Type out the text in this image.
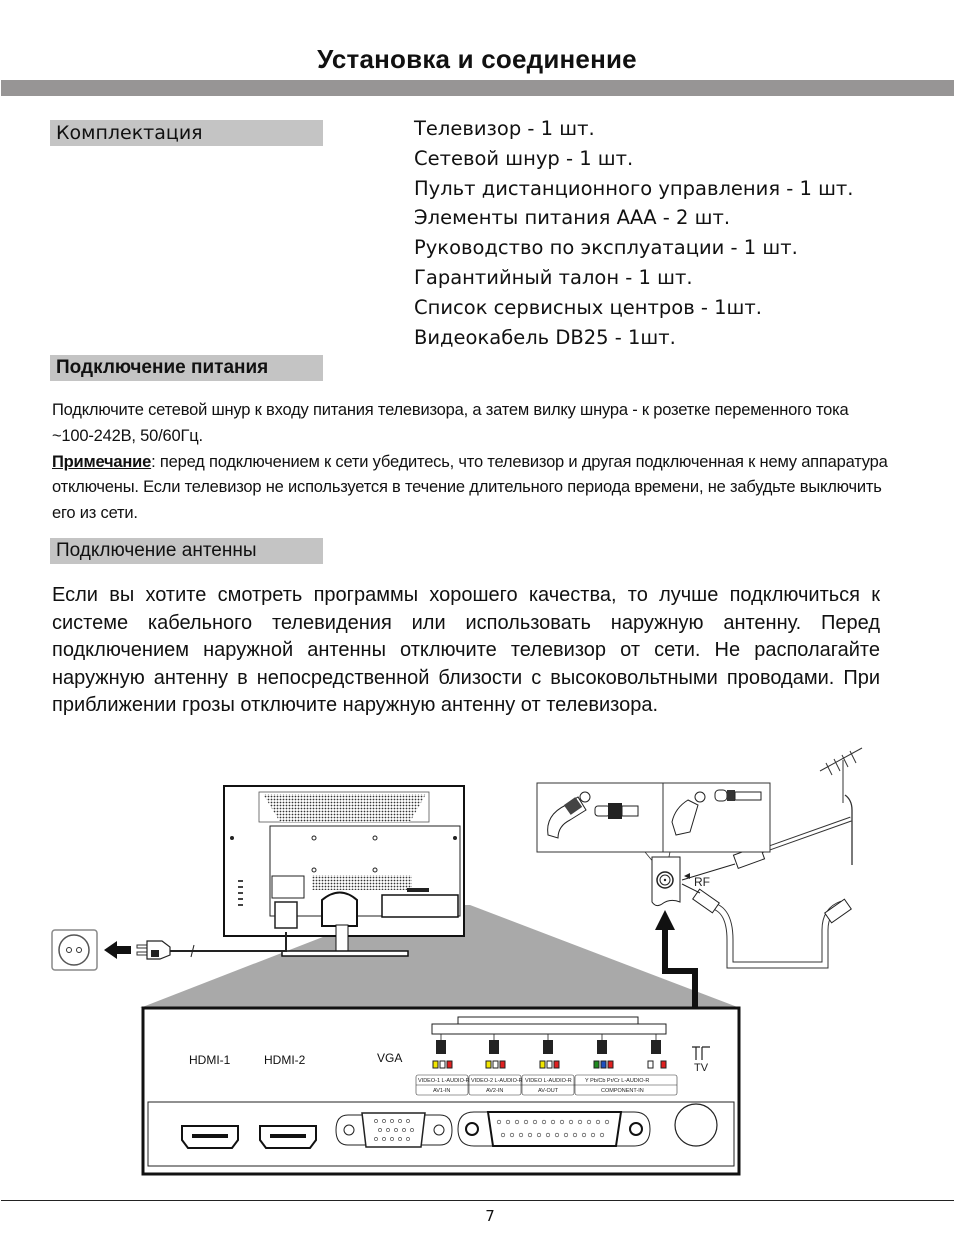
Установка и соединение
Комплектация	Телевизор - 1 шт.
Сетевой шнур - 1 шт.
Пульт дистанционного управления - 1 шт.
Элементы питания ААА - 2 шт.
Руководство по эксплуатации - 1 шт.
Гарантийный талон - 1 шт.
Список сервисных центров - 1шт.
Видеокабель DB25 - 1шт.
Подключение питания
Подключите сетевой шнур к входу питания телевизора, а затем вилку шнура - к розетке переменного тока ~100-242В, 50/60Гц.
Примечание: перед подключением к сети убедитесь, что телевизор и другая подключенная к нему аппаратура отключены. Если телевизор не используется в течение длительного периода времени, не забудьте выключить его из сети.
Подключение антенны
Если вы хотите смотреть программы хорошего качества, то лучше подключиться к системе кабельного телевидения или использовать наружную антенну. Перед подключением наружной антенны отключите телевизор от сети. Не располагайте наружную антенну в непосредственной близости с высоковольтными проводами. При приближении грозы отключите наружную антенну от телевизора.
RF
HDMI-1	HDMI-2	VGA
VIDEO-1 L-AUDIO-R
AV1-IN
VIDEO-2 L-AUDIO-R
AV2-IN
VIDEO L-AUDIO-R
AV-OUT
Y Pb/Cb Pr/Cr L-AUDIO-R
COMPONENT-IN
TV
7
